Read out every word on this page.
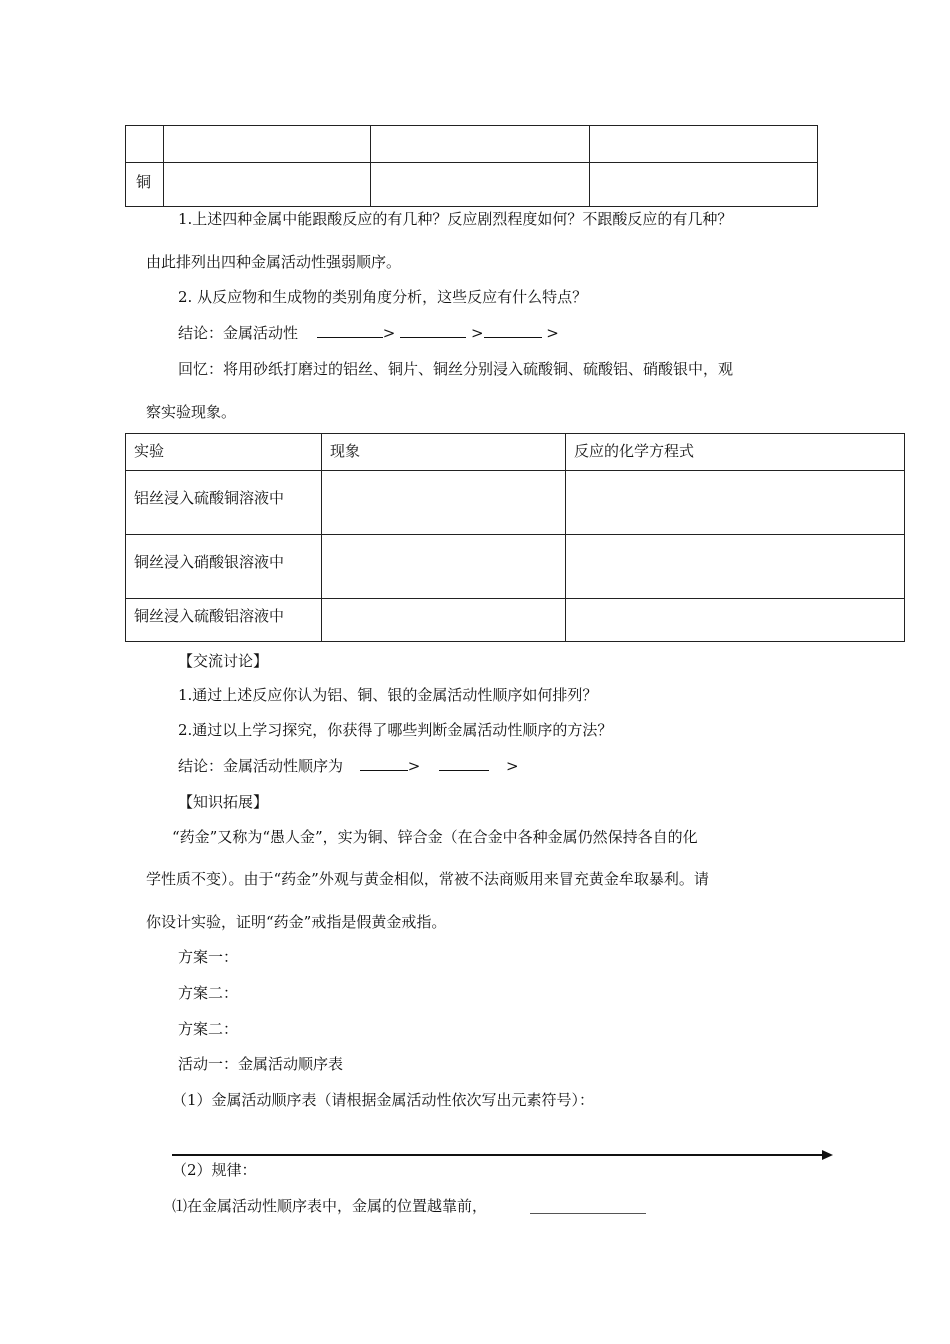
铜			

1.上述四种金属中能跟酸反应的有几种？反应剧烈程度如何？不跟酸反应的有几种？
由此排列出四种金属活动性强弱顺序。
2. 从反应物和生成物的类别角度分析，这些反应有什么特点？
结论：金属活动性	>	>	>
回忆：将用砂纸打磨过的铝丝、铜片、铜丝分别浸入硫酸铜、硫酸铝、硝酸银中，观
察实验现象。
实验	现象	反应的化学方程式

铝丝浸入硫酸铜溶液中		

铜丝浸入硝酸银溶液中		

铜丝浸入硫酸铝溶液中		

【交流讨论】
1.通过上述反应你认为铝、铜、银的金属活动性顺序如何排列？
2.通过以上学习探究，你获得了哪些判断金属活动性顺序的方法？
结论：金属活动性顺序为	>	>
【知识拓展】
“药金”又称为“愚人金”，实为铜、锌合金（在合金中各种金属仍然保持各自的化
学性质不变）。由于“药金”外观与黄金相似，常被不法商贩用来冒充黄金牟取暴利。请
你设计实验，证明“药金”戒指是假黄金戒指。
方案一：
方案二：
方案二：
活动一：金属活动顺序表
（1）金属活动顺序表（请根据金属活动性依次写出元素符号）：
（2）规律：
⑴在金属活动性顺序表中，金属的位置越靠前，
